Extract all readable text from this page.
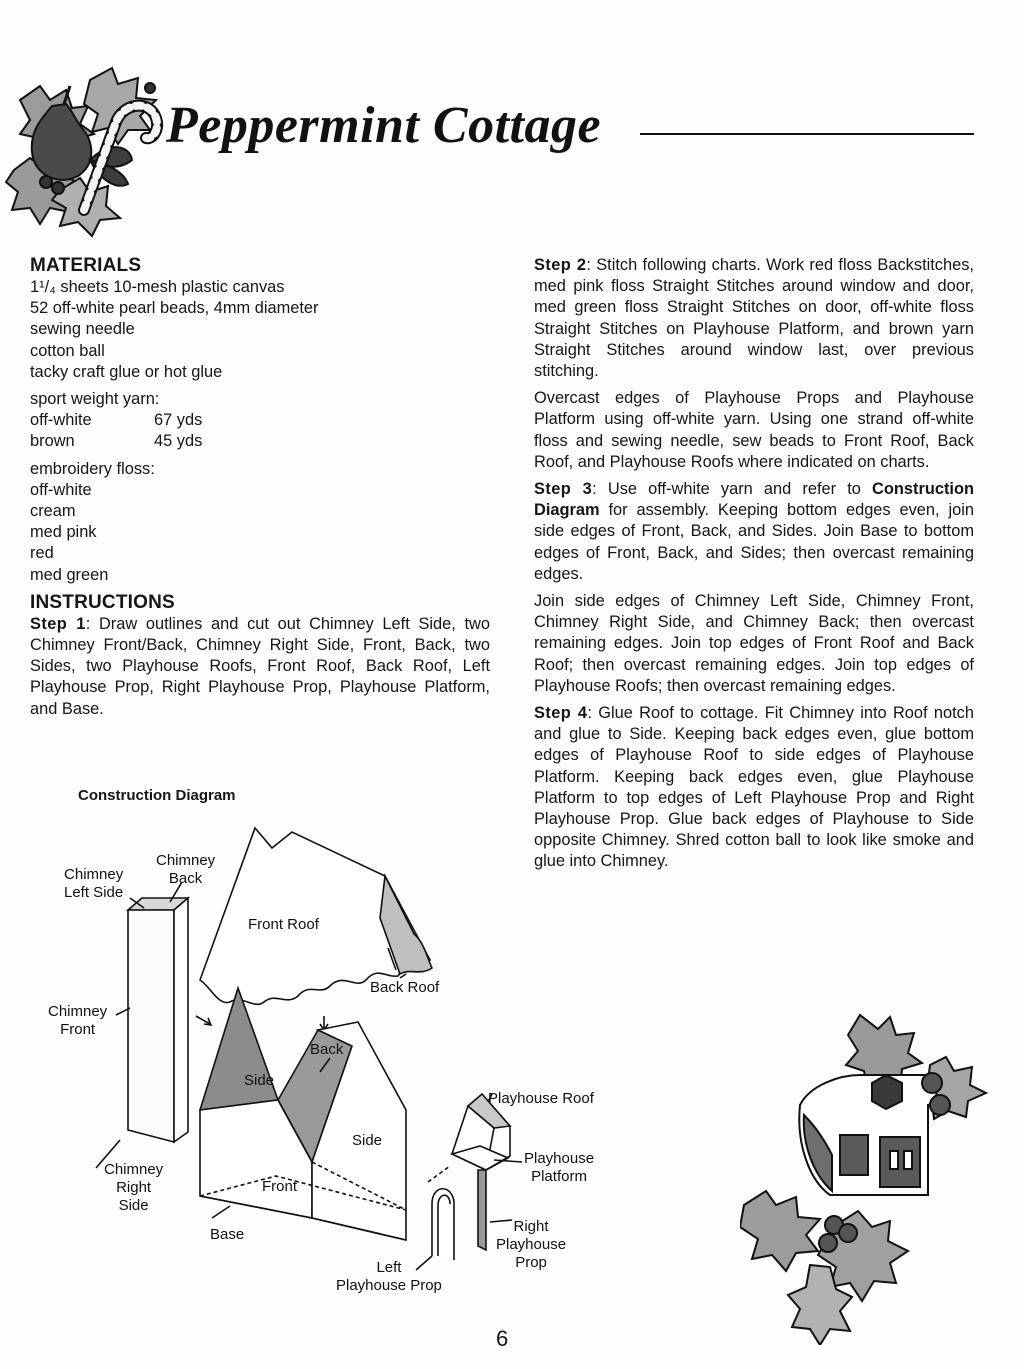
Peppermint Cottage
MATERIALS
1¹/₄ sheets 10-mesh plastic canvas
52 off-white pearl beads, 4mm diameter
sewing needle
cotton ball
tacky craft glue or hot glue
sport weight yarn:
off-white	67 yds
brown	45 yds
embroidery floss:
off-white
cream
med pink
red
med green
INSTRUCTIONS

Step 1: Draw outlines and cut out Chimney Left Side, two Chimney Front/Back, Chimney Right Side, Front, Back, two Sides, two Playhouse Roofs, Front Roof, Back Roof, Left Playhouse Prop, Right Playhouse Prop, Playhouse Platform, and Base.

Step 2: Stitch following charts. Work red floss Backstitches, med pink floss Straight Stitches around window and door, med green floss Straight Stitches on door, off-white floss Straight Stitches on Playhouse Platform, and brown yarn Straight Stitches around window last, over previous stitching.

Overcast edges of Playhouse Props and Playhouse Platform using off-white yarn. Using one strand off-white floss and sewing needle, sew beads to Front Roof, Back Roof, and Playhouse Roofs where indicated on charts.

Step 3: Use off-white yarn and refer to Construction Diagram for assembly. Keeping bottom edges even, join side edges of Front, Back, and Sides. Join Base to bottom edges of Front, Back, and Sides; then overcast remaining edges.

Join side edges of Chimney Left Side, Chimney Front, Chimney Right Side, and Chimney Back; then overcast remaining edges. Join top edges of Front Roof and Back Roof; then overcast remaining edges. Join top edges of Playhouse Roofs; then overcast remaining edges.

Step 4: Glue Roof to cottage. Fit Chimney into Roof notch and glue to Side. Keeping back edges even, glue bottom edges of Playhouse Roof to side edges of Playhouse Platform. Keeping back edges even, glue Playhouse Platform to top edges of Left Playhouse Prop and Right Playhouse Prop. Glue back edges of Playhouse to Side opposite Chimney. Shred cotton ball to look like smoke and glue into Chimney.

Construction Diagram
Chimney
Left Side
Chimney
Back
Front Roof
Back Roof
Chimney
Front
Back
Side
Side
Front
Base
Chimney
Right
Side
Playhouse Roof
Playhouse
Platform
Right
Playhouse
Prop
Left
Playhouse Prop
6
